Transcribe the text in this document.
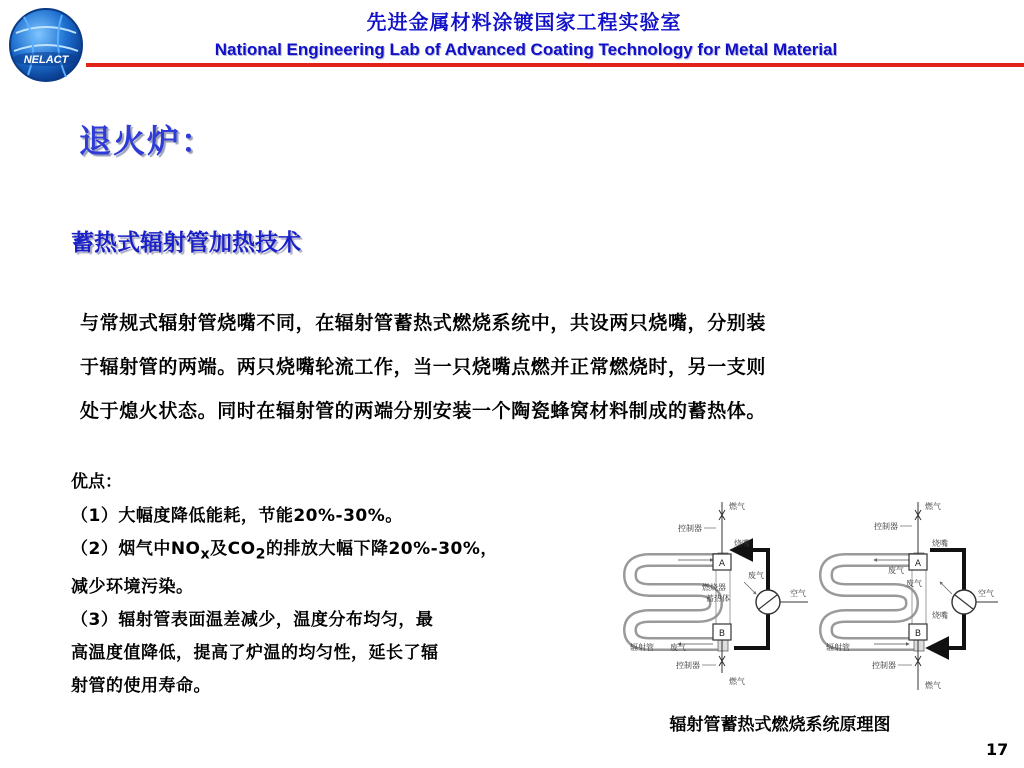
NELACT
先进金属材料涂镀国家工程实验室
National Engineering Lab of Advanced Coating Technology for Metal Material
退火炉：
蓄热式辐射管加热技术
与常规式辐射管烧嘴不同，在辐射管蓄热式燃烧系统中，共设两只烧嘴，分别装
于辐射管的两端。两只烧嘴轮流工作，当一只烧嘴点燃并正常燃烧时，另一支则
处于熄火状态。同时在辐射管的两端分别安装一个陶瓷蜂窝材料制成的蓄热体。
优点：
（1）大幅度降低能耗，节能20%-30%。
（2）烟气中$NO_x$及$CO_2$的排放大幅下降20%-30%，
减少环境污染。
（3）辐射管表面温差减少，温度分布均匀，最
高温度值降低，提高了炉温的均匀性，延长了辐
射管的使用寿命。
A
B
燃气
控制器
烧嘴
废气
空气
燃烧器
蓄热体
辐射管 废气
控制器
燃气
A
B
燃气
控制器
烧嘴
废气
废气
空气
烧嘴
辐射管
控制器
燃气
辐射管蓄热式燃烧系统原理图
17
